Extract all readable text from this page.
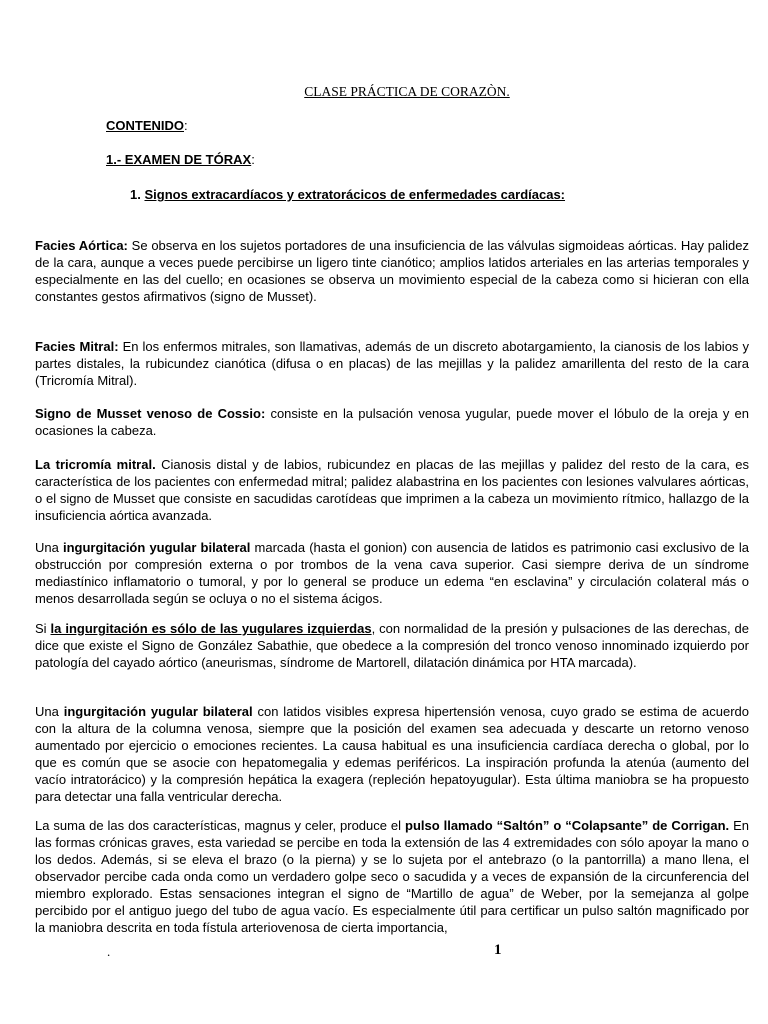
CLASE PRÁCTICA DE CORAZÒN.
CONTENIDO:
1.- EXAMEN DE TÓRAX:
1. Signos extracardíacos y extratorácicos de enfermedades cardíacas:
Facies Aórtica: Se observa en los sujetos portadores de una insuficiencia de las válvulas sigmoideas aórticas. Hay palidez de la cara, aunque a veces puede percibirse un ligero tinte cianótico; amplios latidos arteriales en las arterias temporales y especialmente en las del cuello; en ocasiones se observa un movimiento especial de la cabeza como si hicieran con ella constantes gestos afirmativos (signo de Musset).
Facies Mitral: En los enfermos mitrales, son llamativas, además de un discreto abotargamiento, la cianosis de los labios y partes distales, la rubicundez cianótica (difusa o en placas) de las mejillas y la palidez amarillenta del resto de la cara (Tricromía Mitral).
Signo de Musset venoso de Cossio: consiste en la pulsación venosa yugular, puede mover el lóbulo de la oreja y en ocasiones la cabeza.
La tricromía mitral. Cianosis distal y de labios, rubicundez en placas de las mejillas y palidez del resto de la cara, es característica de los pacientes con enfermedad mitral; palidez alabastrina en los pacientes con lesiones valvulares aórticas, o el signo de Musset que consiste en sacudidas carotídeas que imprimen a la cabeza un movimiento rítmico, hallazgo de la insuficiencia aórtica avanzada.
Una ingurgitación yugular bilateral marcada (hasta el gonion) con ausencia de latidos es patrimonio casi exclusivo de la obstrucción por compresión externa o por trombos de la vena cava superior. Casi siempre deriva de un síndrome mediastínico inflamatorio o tumoral, y por lo general se produce un edema “en esclavina” y circulación colateral más o menos desarrollada según se ocluya o no el sistema ácigos.
Si la ingurgitación es sólo de las yugulares izquierdas, con normalidad de la presión y pulsaciones de las derechas, de dice que existe el Signo de González Sabathie, que obedece a la compresión del tronco venoso innominado izquierdo por patología del cayado aórtico (aneurismas, síndrome de Martorell, dilatación dinámica por HTA marcada).
Una ingurgitación yugular bilateral con latidos visibles expresa hipertensión venosa, cuyo grado se estima de acuerdo con la altura de la columna venosa, siempre que la posición del examen sea adecuada y descarte un retorno venoso aumentado por ejercicio o emociones recientes. La causa habitual es una insuficiencia cardíaca derecha o global, por lo que es común que se asocie con hepatomegalia y edemas periféricos. La inspiración profunda la atenúa (aumento del vacío intratorácico) y la compresión hepática la exagera (repleción hepatoyugular). Esta última maniobra se ha propuesto para detectar una falla ventricular derecha.
La suma de las dos características, magnus y celer, produce el pulso llamado “Saltón” o “Colapsante” de Corrigan. En las formas crónicas graves, esta variedad se percibe en toda la extensión de las 4 extremidades con sólo apoyar la mano o los dedos. Además, si se eleva el brazo (o la pierna) y se lo sujeta por el antebrazo (o la pantorrilla) a mano llena, el observador percibe cada onda como un verdadero golpe seco o sacudida y a veces de expansión de la circunferencia del miembro explorado. Estas sensaciones integran el signo de “Martillo de agua” de Weber, por la semejanza al golpe percibido por el antiguo juego del tubo de agua vacío. Es especialmente útil para certificar un pulso saltón magnificado por la maniobra descrita en toda fístula arteriovenosa de cierta importancia,
.	1
